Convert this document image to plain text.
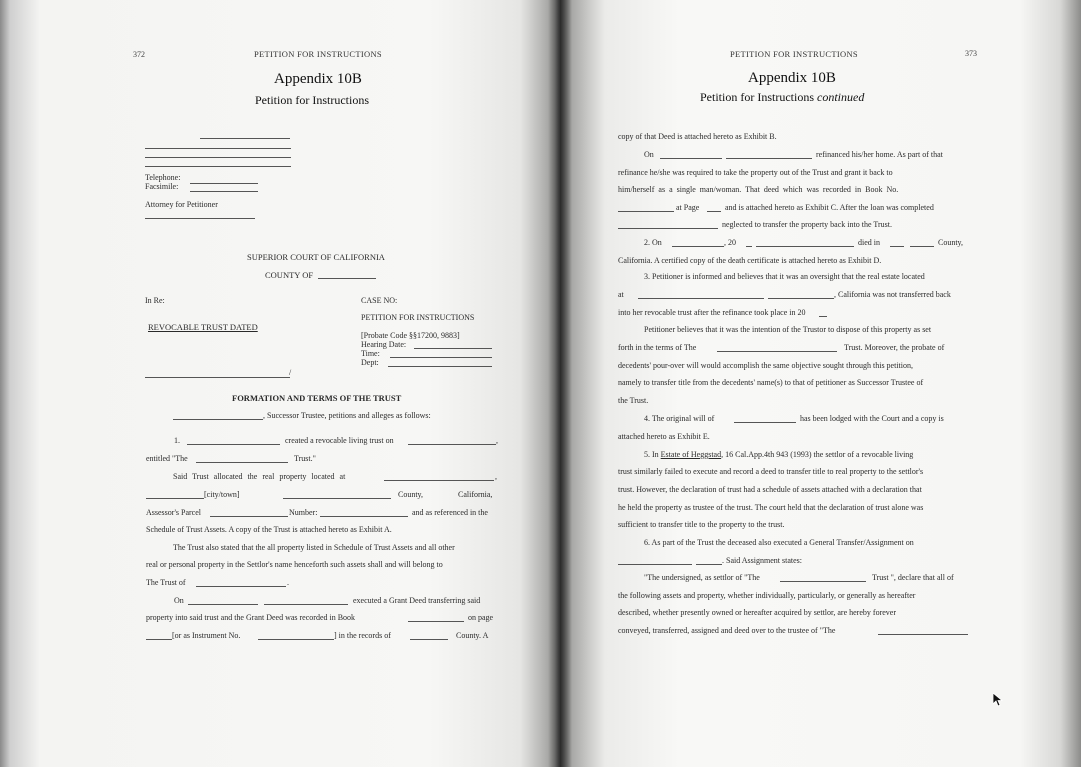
372	PETITION FOR INSTRUCTIONS
Appendix 10B
Petition for Instructions
Telephone:
Facsimile:
Attorney for Petitioner
SUPERIOR COURT OF CALIFORNIA
COUNTY OF
In Re:
REVOCABLE TRUST DATED
/
CASE NO:
PETITION FOR INSTRUCTIONS
[Probate Code §§17200, 9883]
Hearing Date:
Time:
Dept:
FORMATION AND TERMS OF THE TRUST
, Successor Trustee, petitions and alleges as follows:
1.	created a revocable living trust on	,
entitled "The	Trust."
Said Trust allocated the real property located at	,
[city/town]	County,	California,
Assessor's Parcel	Number:	and as referenced in the
Schedule of Trust Assets. A copy of the Trust is attached hereto as Exhibit A.
The Trust also stated that the all property listed in Schedule of Trust Assets and all other
real or personal property in the Settlor's name henceforth such assets shall and will belong to
The Trust of	.
On	executed a Grant Deed transferring said
property into said trust and the Grant Deed was recorded in Book	on page
[or as Instrument No.	] in the records of	County. A
PETITION FOR INSTRUCTIONS	373
Appendix 10B
Petition for Instructions continued
copy of that Deed is attached hereto as Exhibit B.
On	refinanced his/her home. As part of that
refinance he/she was required to take the property out of the Trust and grant it back to
him/herself as a single man/woman. That deed which was recorded in Book No.
at Page	and is attached hereto as Exhibit C. After the loan was completed
neglected to transfer the property back into the Trust.
2. On	, 20	died in	County,
California. A certified copy of the death certificate is attached hereto as Exhibit D.
3. Petitioner is informed and believes that it was an oversight that the real estate located
at	, California was not transferred back
into her revocable trust after the refinance took place in 20
Petitioner believes that it was the intention of the Trustor to dispose of this property as set
forth in the terms of The	Trust. Moreover, the probate of
decedents' pour-over will would accomplish the same objective sought through this petition,
namely to transfer title from the decedents' name(s) to that of petitioner as Successor Trustee of
the Trust.
4. The original will of	has been lodged with the Court and a copy is
attached hereto as Exhibit E.
5. In Estate of Heggstad, 16 Cal.App.4th 943 (1993) the settlor of a revocable living
trust similarly failed to execute and record a deed to transfer title to real property to the settlor's
trust. However, the declaration of trust had a schedule of assets attached with a declaration that
he held the property as trustee of the trust. The court held that the declaration of trust alone was
sufficient to transfer title to the property to the trust.
6. As part of the Trust the deceased also executed a General Transfer/Assignment on
. Said Assignment states:
"The undersigned, as settlor of "The	Trust ", declare that all of
the following assets and property, whether individually, particularly, or generally as hereafter
described, whether presently owned or hereafter acquired by settlor, are hereby forever
conveyed, transferred, assigned and deed over to the trustee of "The
